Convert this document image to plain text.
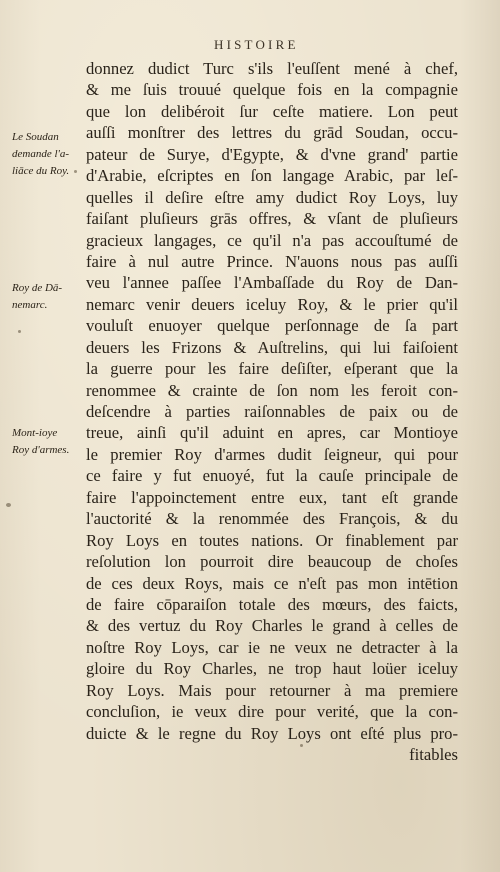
HISTOIRE
donnez dudict Turc s'ils l'euſſent mené à chef,
& me ſuis trouué quelque fois en la compagnie
que lon delibéroit ſur ceſte matiere. Lon peut
auſſi monſtrer des lettres du grād Soudan, occu-
pateur de Surye, d'Egypte, & d'vne grand' partie
d'Arabie, eſcriptes en ſon langage Arabic, par leſ-
quelles il deſire eſtre amy dudict Roy Loys, luy
faiſant pluſieurs grās offres, & vſant de pluſieurs
gracieux langages, ce qu'il n'a pas accouſtumé de
faire à nul autre Prince. N'auons nous pas auſſi
veu l'annee paſſee l'Ambaſſade du Roy de Dan-
nemarc venir deuers iceluy Roy, & le prier qu'il
vouluſt enuoyer quelque perſonnage de ſa part
deuers les Frizons & Auſtrelins, qui lui faiſoient
la guerre pour les faire deſiſter, eſperant que la
renommee & crainte de ſon nom les feroit con-
deſcendre à parties raiſonnables de paix ou de
treue, ainſi qu'il aduint en apres, car Montioye
le premier Roy d'armes dudit ſeigneur, qui pour
ce faire y fut enuoyé, fut la cauſe principale de
faire l'appoinctement entre eux, tant eſt grande
l'auctorité & la renommée des François, & du
Roy Loys en toutes nations. Or finablement par
reſolution lon pourroit dire beaucoup de choſes
de ces deux Roys, mais ce n'eſt pas mon intētion
de faire cōparaiſon totale des mœurs, des faicts,
& des vertuz du Roy Charles le grand à celles de
noſtre Roy Loys, car ie ne veux ne detracter à la
gloire du Roy Charles, ne trop haut loüer iceluy
Roy Loys. Mais pour retourner à ma premiere
concluſion, ie veux dire pour verité, que la con-
duicte & le regne du Roy Loys ont eſté plus pro-
fitables
Le Soudan
demande l'a-
liāce du Roy.
Roy de Dā-
nemarc.
Mont-ioye
Roy d'armes.
